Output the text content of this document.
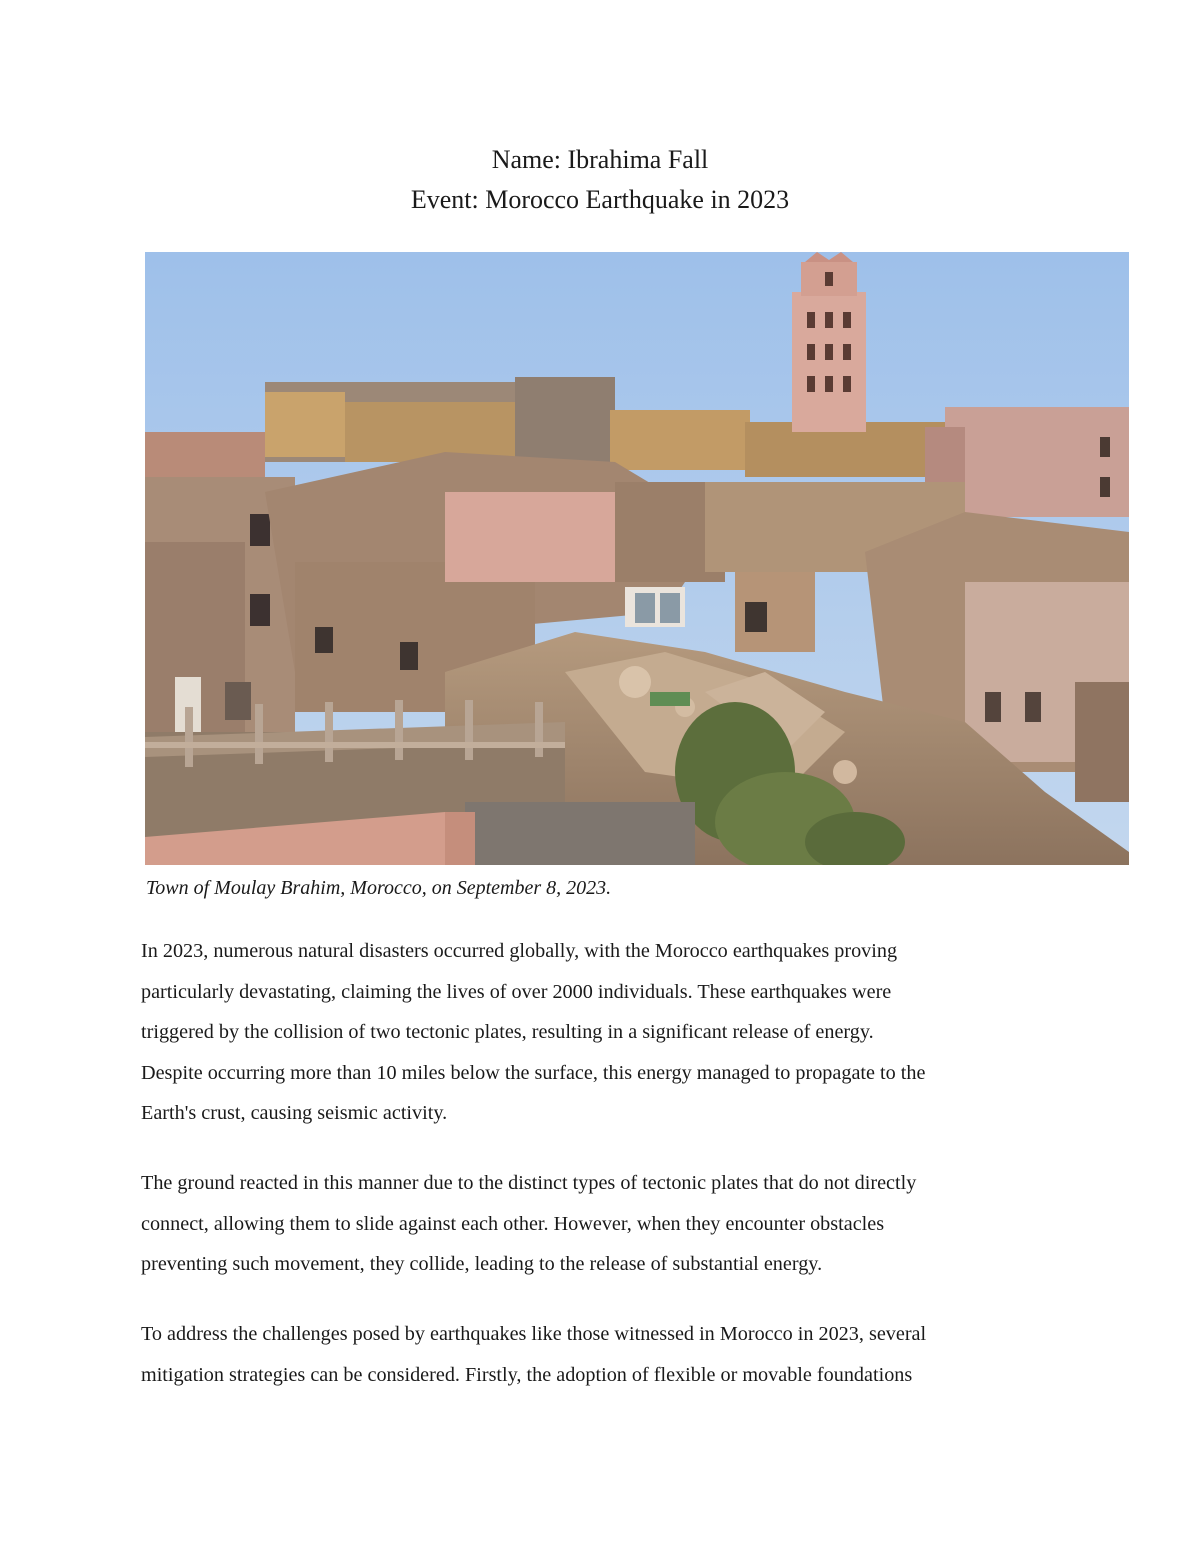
Name: Ibrahima Fall
Event: Morocco Earthquake in 2023
Town of Moulay Brahim, Morocco, on September 8, 2023.
In 2023, numerous natural disasters occurred globally, with the Morocco earthquakes proving
particularly devastating, claiming the lives of over 2000 individuals. These earthquakes were
triggered by the collision of two tectonic plates, resulting in a significant release of energy.
Despite occurring more than 10 miles below the surface, this energy managed to propagate to the
Earth's crust, causing seismic activity.
The ground reacted in this manner due to the distinct types of tectonic plates that do not directly
connect, allowing them to slide against each other. However, when they encounter obstacles
preventing such movement, they collide, leading to the release of substantial energy.
To address the challenges posed by earthquakes like those witnessed in Morocco in 2023, several
mitigation strategies can be considered. Firstly, the adoption of flexible or movable foundations
